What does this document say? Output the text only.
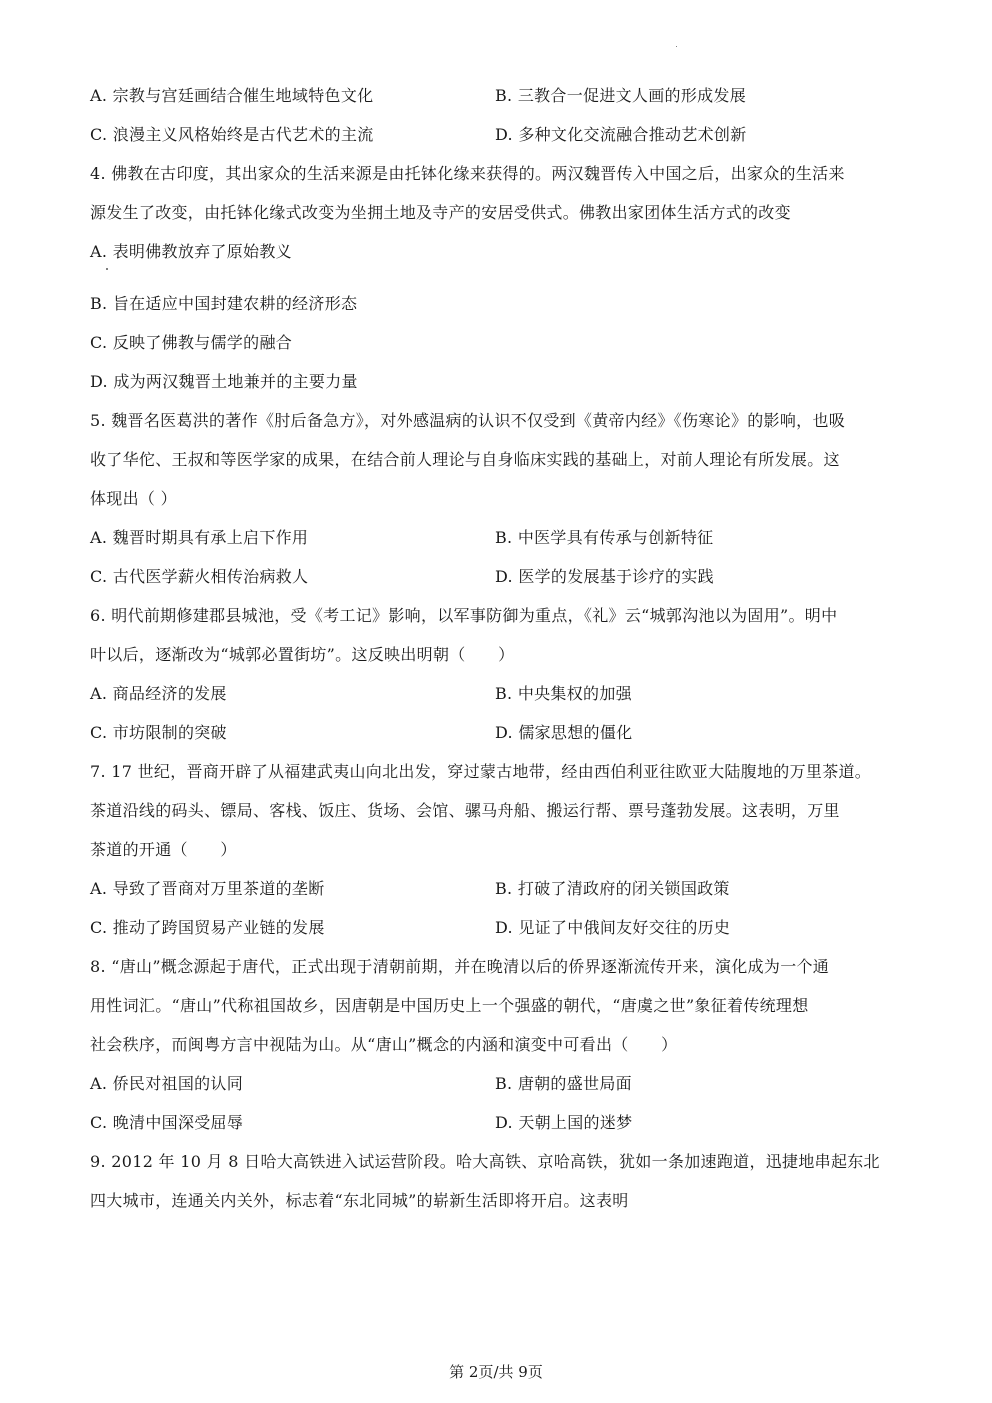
A. 宗教与宫廷画结合催生地域特色文化	B. 三教合一促进文人画的形成发展
C. 浪漫主义风格始终是古代艺术的主流	D. 多种文化交流融合推动艺术创新
4. 佛教在古印度，其出家众的生活来源是由托钵化缘来获得的。两汉魏晋传入中国之后，出家众的生活来
源发生了改变，由托钵化缘式改变为坐拥土地及寺产的安居受供式。佛教出家团体生活方式的改变
A. 表明佛教放弃了原始教义
B. 旨在适应中国封建农耕的经济形态
C. 反映了佛教与儒学的融合
D. 成为两汉魏晋土地兼并的主要力量
5. 魏晋名医葛洪的著作《肘后备急方》，对外感温病的认识不仅受到《黄帝内经》《伤寒论》的影响，也吸
收了华佗、王叔和等医学家的成果，在结合前人理论与自身临床实践的基础上，对前人理论有所发展。这
体现出（ ）
A. 魏晋时期具有承上启下作用	B. 中医学具有传承与创新特征
C. 古代医学薪火相传治病救人	D. 医学的发展基于诊疗的实践
6. 明代前期修建郡县城池，受《考工记》影响，以军事防御为重点，《礼》云“城郭沟池以为固用”。明中
叶以后，逐渐改为“城郭必置街坊”。这反映出明朝（　　）
A. 商品经济的发展	B. 中央集权的加强
C. 市坊限制的突破	D. 儒家思想的僵化
7. 17 世纪，晋商开辟了从福建武夷山向北出发，穿过蒙古地带，经由西伯利亚往欧亚大陆腹地的万里茶道。
茶道沿线的码头、镖局、客栈、饭庄、货场、会馆、骡马舟船、搬运行帮、票号蓬勃发展。这表明，万里
茶道的开通（　　）
A. 导致了晋商对万里茶道的垄断	B. 打破了清政府的闭关锁国政策
C. 推动了跨国贸易产业链的发展	D. 见证了中俄间友好交往的历史
8. “唐山”概念源起于唐代，正式出现于清朝前期，并在晚清以后的侨界逐渐流传开来，演化成为一个通
用性词汇。“唐山”代称祖国故乡，因唐朝是中国历史上一个强盛的朝代，“唐虞之世”象征着传统理想
社会秩序，而闽粤方言中视陆为山。从“唐山”概念的内涵和演变中可看出（　　）
A. 侨民对祖国的认同	B. 唐朝的盛世局面
C. 晚清中国深受屈辱	D. 天朝上国的迷梦
9. 2012 年 10 月 8 日哈大高铁进入试运营阶段。哈大高铁、京哈高铁，犹如一条加速跑道，迅捷地串起东北
四大城市，连通关内关外，标志着“东北同城”的崭新生活即将开启。这表明
第 2页/共 9页
